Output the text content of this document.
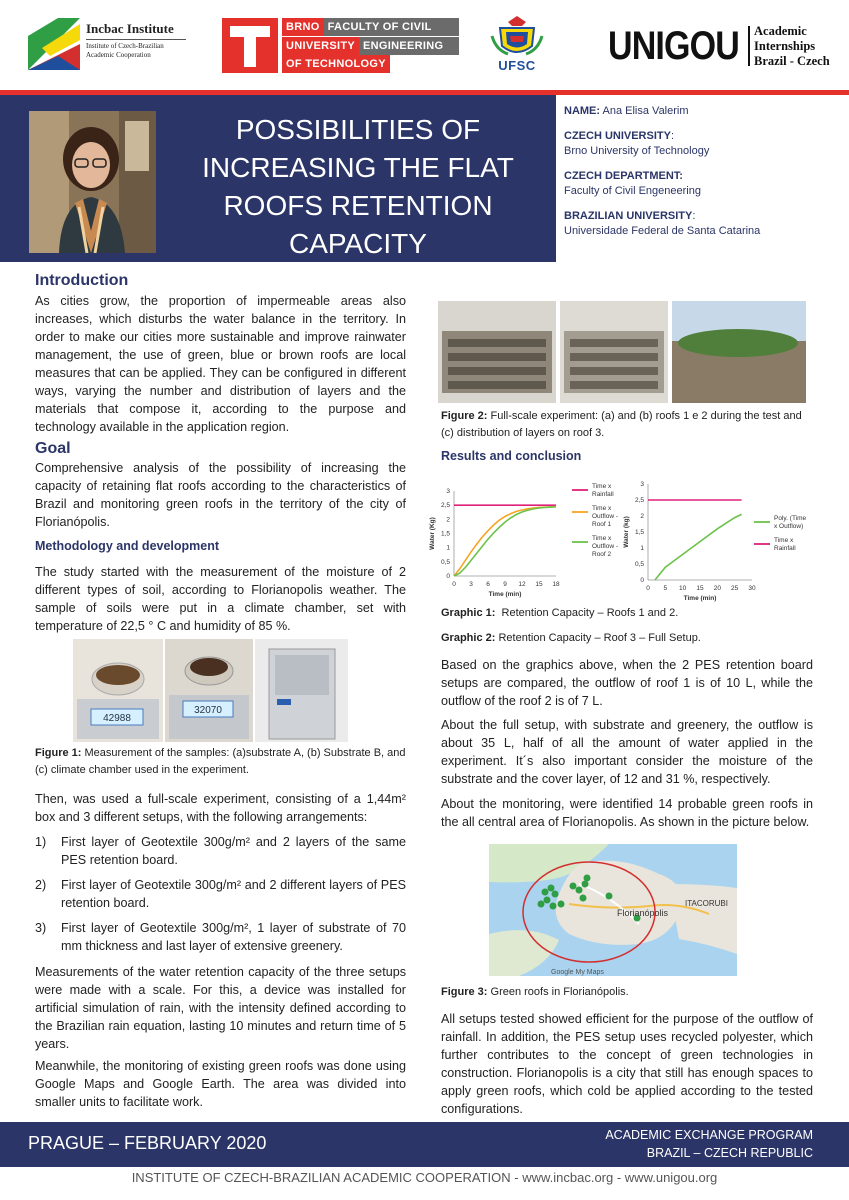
Incbac Institute
Institute of Czech-Brazilian
Academic Cooperation
BRNO FACULTY OF CIVIL
UNIVERSITY ENGINEERING
OF TECHNOLOGY	UFSC	UNIGOU Academic
Internships
Brazil - Czech
POSSIBILITIES OF INCREASING THE FLAT ROOFS RETENTION CAPACITY
NAME: Ana Elisa Valerim
CZECH UNIVERSITY:
Brno University of Technology
CZECH DEPARTMENT:
Faculty of Civil Engeneering
BRAZILIAN UNIVERSITY:
Universidade Federal de Santa Catarina
Introduction
As cities grow, the proportion of impermeable areas also increases, which disturbs the water balance in the territory. In order to make our cities more sustainable and improve rainwater management, the use of green, blue or brown roofs are local measures that can be applied. They can be configured in different ways, varying the number and distribution of layers and the materials that compose it, according to the purpose and technology available in the application region.
Goal
Comprehensive analysis of the possibility of increasing the capacity of retaining flat roofs according to the characteristics of Brazil and monitoring green roofs in the territory of the city of Florianópolis.
Methodology and development
The study started with the measurement of the moisture of 2 different types of soil, according to Florianopolis weather. The sample of soils were put in a climate chamber, set with temperature of 22,5 ° C and humidity of 85 %.
42988
32070
Figure 1: Measurement of the samples: (a)substrate A, (b) Substrate B, and (c) climate chamber used in the experiment.
Then, was used a full-scale experiment, consisting of a 1,44m² box and 3 different setups, with the following arrangements:
1) First layer of Geotextile 300g/m² and 2 layers of the same PES retention board.
2) First layer of Geotextile 300g/m² and 2 different layers of PES retention board.
3) First layer of Geotextile 300g/m², 1 layer of substrate of 70 mm thickness and last layer of extensive greenery.
Measurements of the water retention capacity of the three setups were made with a scale. For this, a device was installed for artificial simulation of rain, with the intensity defined according to the Brazilian rain equation, lasting 10 minutes and return time of 5 years.
Meanwhile, the monitoring of existing green roofs was done using Google Maps and Google Earth. The area was divided into smaller units to facilitate work.
Figure 2: Full-scale experiment: (a) and (b) roofs 1 e 2 during the test and (c) distribution of layers on roof 3.
Results and conclusion
0 3 6 9 12 15 18
0
0,5
1
1,5
2
2,5
3
Time (min)
Water (Kg)
Time x Rainfall
Time x Outflow -Roof 1
Time x Outflow -Roof 2
0 5 10 15 20 25 30
0
0,5
1
1,5
2
2,5
3
Time (min)
Water (kg)	Poly. (Time x Outflow)
Time x Rainfall
Graphic 1: Retention Capacity – Roofs 1 and 2.
Graphic 2: Retention Capacity – Roof 3 – Full Setup.
Based on the graphics above, when the 2 PES retention board setups are compared, the outflow of roof 1 is of 10 L, while the outflow of the roof 2 is of 7 L.
About the full setup, with substrate and greenery, the outflow is about 35 L, half of all the amount of water applied in the experiment. It´s also important consider the moisture of the substrate and the cover layer, of 12 and 31 %, respectively.
About the monitoring, were identified 14 probable green roofs in the all central area of Florianopolis. As shown in the picture below.
Florianópolis
ITACORUBI
Google My Maps
Figure 3: Green roofs in Florianópolis.
All setups tested showed efficient for the purpose of the outflow of rainfall. In addition, the PES setup uses recycled polyester, which further contributes to the concept of green technologies in construction. Florianopolis is a city that still has enough spaces to apply green roofs, which cold be applied according to the tested configurations.
PRAGUE – FEBRUARY 2020	ACADEMIC EXCHANGE PROGRAM
BRAZIL – CZECH REPUBLIC
INSTITUTE OF CZECH-BRAZILIAN ACADEMIC COOPERATION - www.incbac.org - www.unigou.org
